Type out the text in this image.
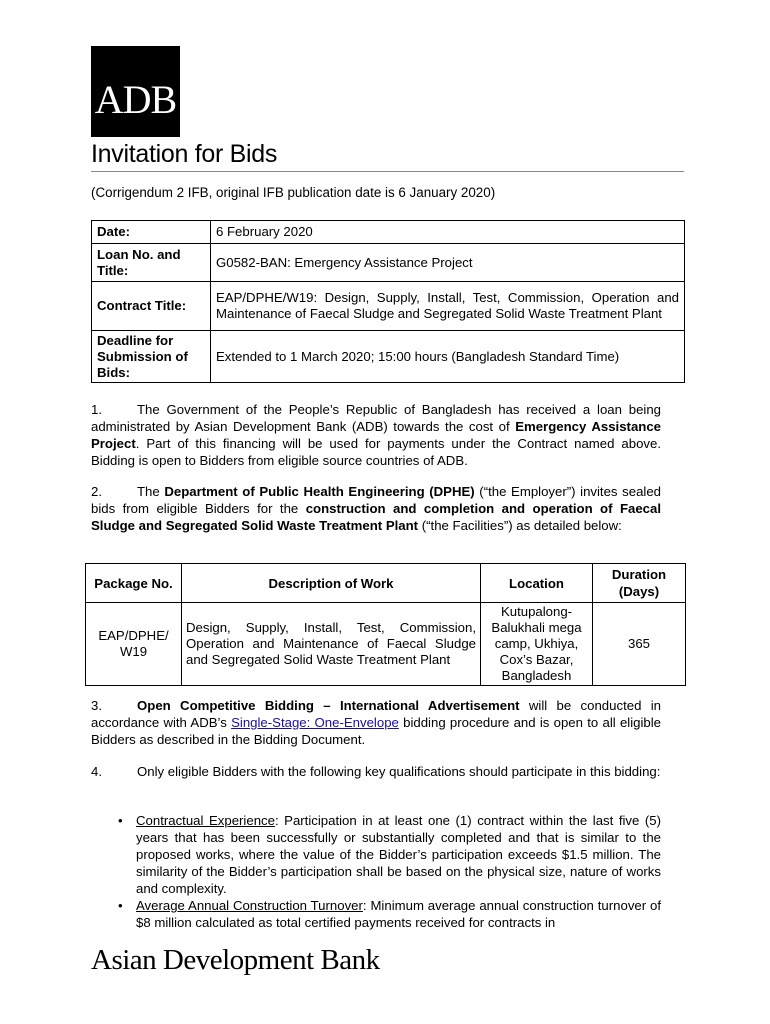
ADB
Invitation for Bids
(Corrigendum 2 IFB, original IFB publication date is 6 January 2020)
Date:	6 February 2020
Loan No. and Title:	G0582-BAN: Emergency Assistance Project
Contract Title:	EAP/DPHE/W19: Design, Supply, Install, Test, Commission, Operation and Maintenance of Faecal Sludge and Segregated Solid Waste Treatment Plant
Deadline for Submission of Bids:	Extended to 1 March 2020; 15:00 hours (Bangladesh Standard Time)

1.	The Government of the People’s Republic of Bangladesh has received a loan being administrated by Asian Development Bank (ADB) towards the cost of Emergency Assistance Project. Part of this financing will be used for payments under the Contract named above. Bidding is open to Bidders from eligible source countries of ADB.

2.	The Department of Public Health Engineering (DPHE) (“the Employer”) invites sealed bids from eligible Bidders for the construction and completion and operation of Faecal Sludge and Segregated Solid Waste Treatment Plant (“the Facilities”) as detailed below:

Package No.	Description of Work	Location	Duration (Days)
EAP/DPHE/ W19	Design, Supply, Install, Test, Commission, Operation and Maintenance of Faecal Sludge and Segregated Solid Waste Treatment Plant	Kutupalong-Balukhali mega camp, Ukhiya, Cox’s Bazar, Bangladesh	365

3.	Open Competitive Bidding – International Advertisement will be conducted in accordance with ADB’s Single-Stage: One-Envelope bidding procedure and is open to all eligible Bidders as described in the Bidding Document.

4.	Only eligible Bidders with the following key qualifications should participate in this bidding:

•	Contractual Experience: Participation in at least one (1) contract within the last five (5) years that has been successfully or substantially completed and that is similar to the proposed works, where the value of the Bidder’s participation exceeds $1.5 million. The similarity of the Bidder’s participation shall be based on the physical size, nature of works and complexity.
•	Average Annual Construction Turnover: Minimum average annual construction turnover of $8 million calculated as total certified payments received for contracts in
Asian Development Bank
